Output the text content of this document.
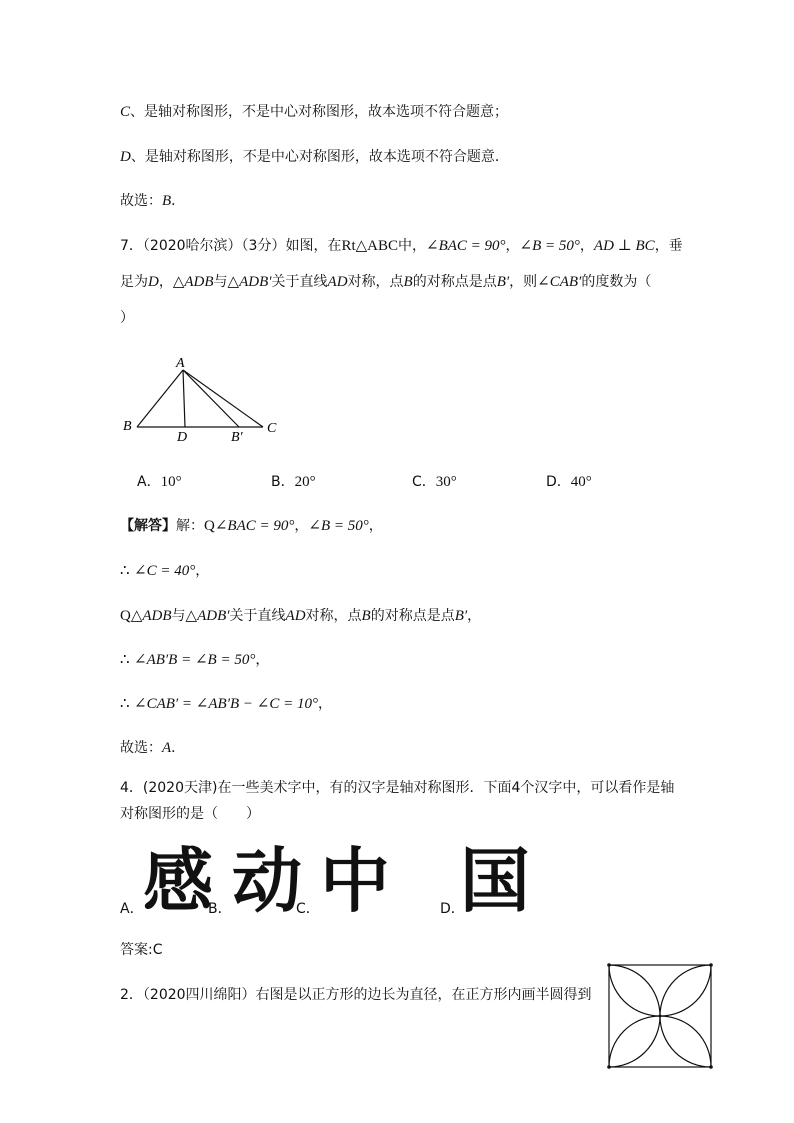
C、是轴对称图形，不是中心对称图形，故本选项不符合题意；
D、是轴对称图形，不是中心对称图形，故本选项不符合题意．
故选：B．
7．（2020哈尔滨）（3分）如图，在Rt△ABC中，∠BAC = 90°，∠B = 50°，AD ⊥ BC，垂
足为D，△ADB与△ADB′关于直线AD对称，点B的对称点是点B′，则∠CAB′的度数为（
）
A
B
D	B′
C
A．10°	B．20°	C．30°	D．40°
【解答】解：Q∠BAC = 90°，∠B = 50°，
∴ ∠C = 40°，
Q△ADB与△ADB′关于直线AD对称，点B的对称点是点B′，
∴ ∠AB′B = ∠B = 50°，
∴ ∠CAB′ = ∠AB′B − ∠C = 10°，
故选：A．
4．(2020天津)在一些美术字中，有的汉字是轴对称图形．下面4个汉字中，可以看作是轴
对称图形的是（　　）
A． 感
B． 动
C． 中	D．
国
答案:C
2．（2020四川绵阳）右图是以正方形的边长为直径，在正方形内画半圆得到
